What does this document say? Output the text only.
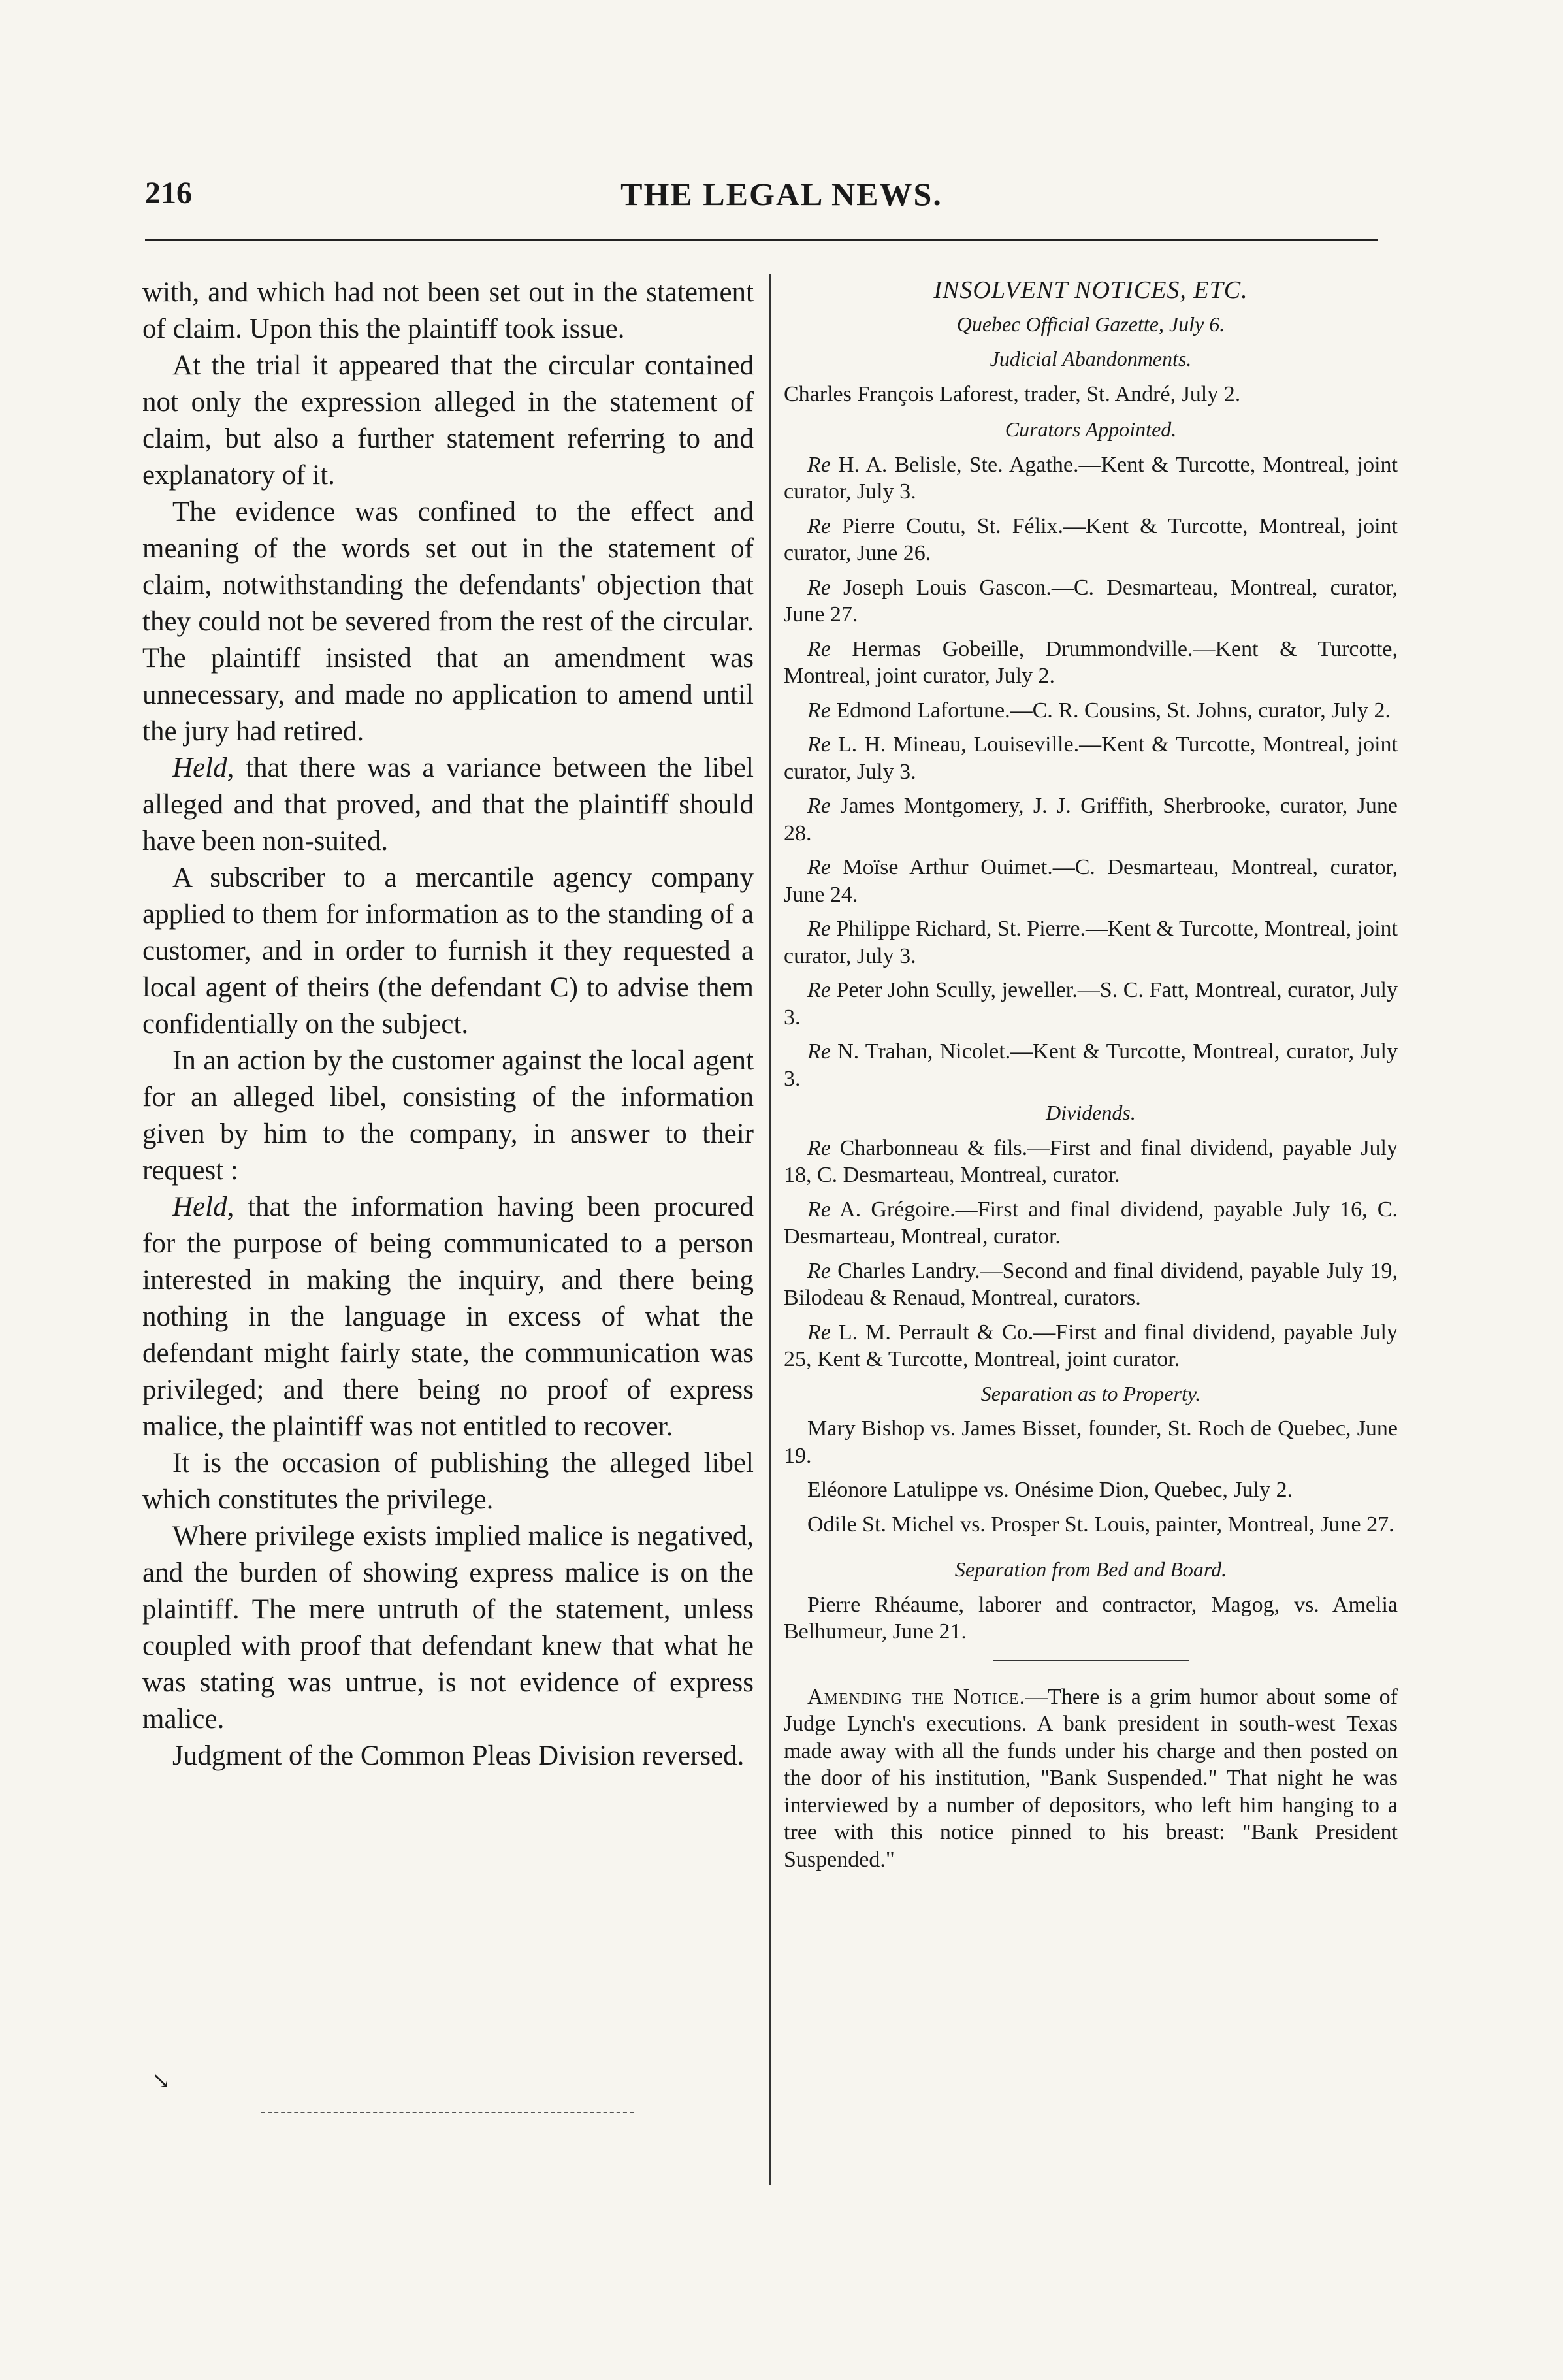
216	THE LEGAL NEWS.

with, and which had not been set out in the statement of claim. Upon this the plaintiff took issue.

At the trial it appeared that the circular contained not only the expression alleged in the statement of claim, but also a further statement referring to and explanatory of it.

The evidence was confined to the effect and meaning of the words set out in the statement of claim, notwithstanding the defendants' objection that they could not be severed from the rest of the circular. The plaintiff insisted that an amendment was unnecessary, and made no application to amend until the jury had retired.

Held, that there was a variance between the libel alleged and that proved, and that the plaintiff should have been non-suited.

A subscriber to a mercantile agency company applied to them for information as to the standing of a customer, and in order to furnish it they requested a local agent of theirs (the defendant C) to advise them confidentially on the subject.

In an action by the customer against the local agent for an alleged libel, consisting of the information given by him to the company, in answer to their request :

Held, that the information having been procured for the purpose of being communicated to a person interested in making the inquiry, and there being nothing in the language in excess of what the defendant might fairly state, the communication was privileged; and there being no proof of express malice, the plaintiff was not entitled to recover.

It is the occasion of publishing the alleged libel which constitutes the privilege.

Where privilege exists implied malice is negatived, and the burden of showing express malice is on the plaintiff. The mere untruth of the statement, unless coupled with proof that defendant knew that what he was stating was untrue, is not evidence of express malice.

Judgment of the Common Pleas Division reversed.

↘
INSOLVENT NOTICES, ETC.
Quebec Official Gazette, July 6.
Judicial Abandonments.

Charles François Laforest, trader, St. André, July 2.

Curators Appointed.

Re H. A. Belisle, Ste. Agathe.—Kent & Turcotte, Montreal, joint curator, July 3.

Re Pierre Coutu, St. Félix.—Kent & Turcotte, Montreal, joint curator, June 26.

Re Joseph Louis Gascon.—C. Desmarteau, Montreal, curator, June 27.

Re Hermas Gobeille, Drummondville.—Kent & Turcotte, Montreal, joint curator, July 2.

Re Edmond Lafortune.—C. R. Cousins, St. Johns, curator, July 2.

Re L. H. Mineau, Louiseville.—Kent & Turcotte, Montreal, joint curator, July 3.

Re James Montgomery, J. J. Griffith, Sherbrooke, curator, June 28.

Re Moïse Arthur Ouimet.—C. Desmarteau, Montreal, curator, June 24.

Re Philippe Richard, St. Pierre.—Kent & Turcotte, Montreal, joint curator, July 3.

Re Peter John Scully, jeweller.—S. C. Fatt, Montreal, curator, July 3.

Re N. Trahan, Nicolet.—Kent & Turcotte, Montreal, curator, July 3.

Dividends.

Re Charbonneau & fils.—First and final dividend, payable July 18, C. Desmarteau, Montreal, curator.

Re A. Grégoire.—First and final dividend, payable July 16, C. Desmarteau, Montreal, curator.

Re Charles Landry.—Second and final dividend, payable July 19, Bilodeau & Renaud, Montreal, curators.

Re L. M. Perrault & Co.—First and final dividend, payable July 25, Kent & Turcotte, Montreal, joint curator.

Separation as to Property.

Mary Bishop vs. James Bisset, founder, St. Roch de Quebec, June 19.

Eléonore Latulippe vs. Onésime Dion, Quebec, July 2.

Odile St. Michel vs. Prosper St. Louis, painter, Montreal, June 27.

Separation from Bed and Board.

Pierre Rhéaume, laborer and contractor, Magog, vs. Amelia Belhumeur, June 21.

Amending the Notice.—There is a grim humor about some of Judge Lynch's executions. A bank president in south-west Texas made away with all the funds under his charge and then posted on the door of his institution, "Bank Suspended." That night he was interviewed by a number of depositors, who left him hanging to a tree with this notice pinned to his breast: "Bank President Suspended."
